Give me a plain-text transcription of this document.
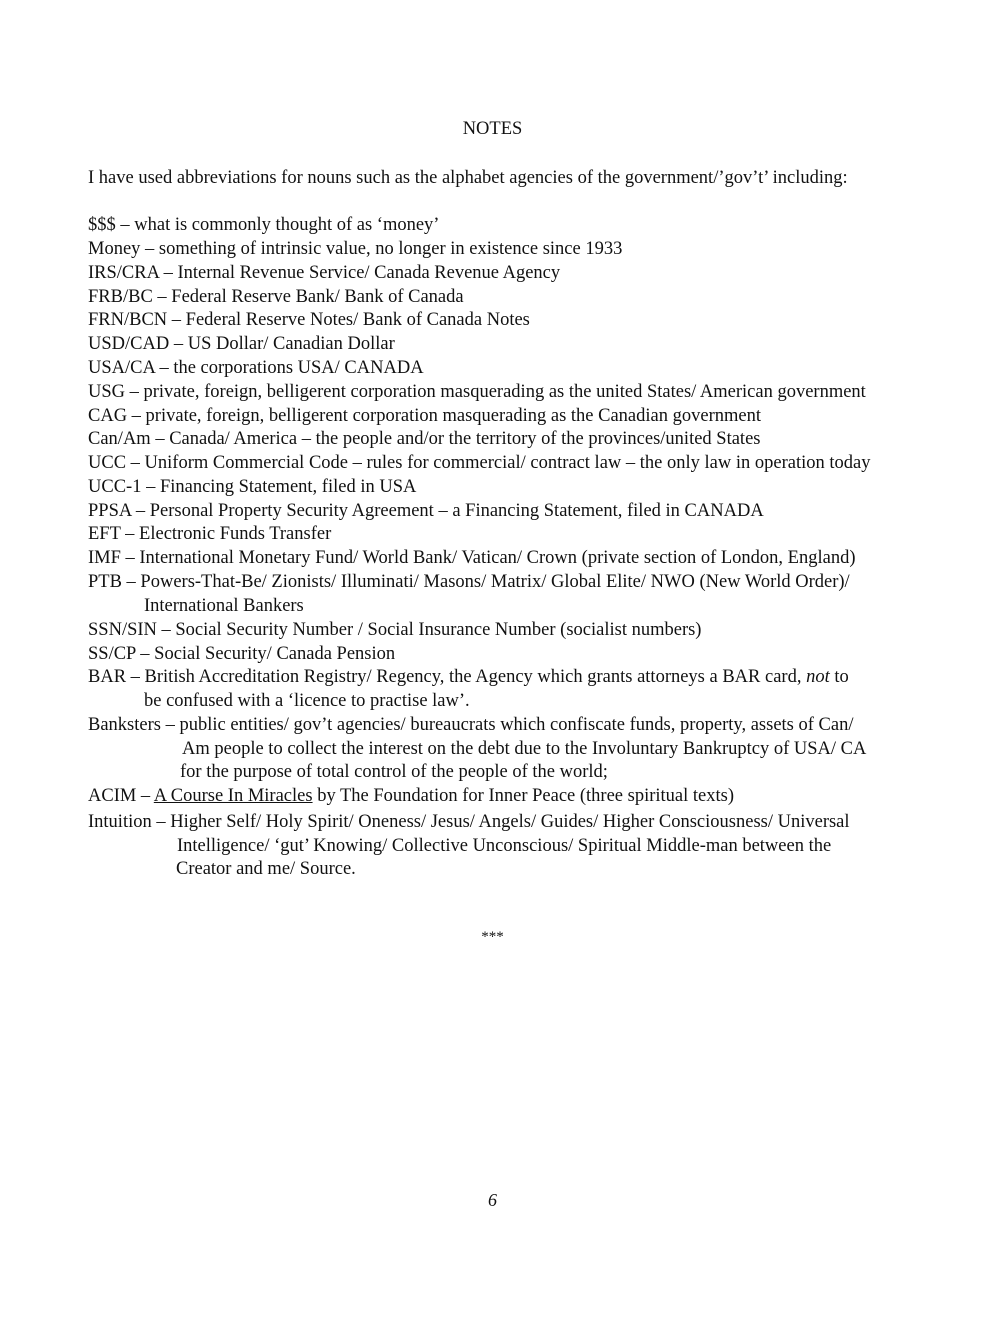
NOTES
I have used abbreviations for nouns such as the alphabet agencies of the government/’gov’t’ including:
$$$ – what is commonly thought of as ‘money’
Money – something of intrinsic value, no longer in existence since 1933
IRS/CRA – Internal Revenue Service/ Canada Revenue Agency
FRB/BC – Federal Reserve Bank/ Bank of Canada
FRN/BCN – Federal Reserve Notes/ Bank of Canada Notes
USD/CAD – US Dollar/ Canadian Dollar
USA/CA – the corporations USA/ CANADA
USG – private, foreign, belligerent corporation masquerading as the united States/ American government
CAG – private, foreign, belligerent corporation masquerading as the Canadian government
Can/Am – Canada/ America – the people and/or the territory of the provinces/united States
UCC – Uniform Commercial Code – rules for commercial/ contract law – the only law in operation today
UCC-1 – Financing Statement, filed in USA
PPSA – Personal Property Security Agreement – a Financing Statement, filed in CANADA
EFT – Electronic Funds Transfer
IMF – International Monetary Fund/ World Bank/ Vatican/ Crown (private section of London, England)
PTB – Powers-That-Be/ Zionists/ Illuminati/ Masons/ Matrix/ Global Elite/ NWO (New World Order)/
International Bankers
SSN/SIN – Social Security Number / Social Insurance Number (socialist numbers)
SS/CP – Social Security/ Canada Pension
BAR – British Accreditation Registry/ Regency, the Agency which grants attorneys a BAR card, not to
be confused with a ‘licence to practise law’.
Banksters – public entities/ gov’t agencies/ bureaucrats which confiscate funds, property, assets of Can/
Am people to collect the interest on the debt due to the Involuntary Bankruptcy of USA/ CA
for the purpose of total control of the people of the world;
ACIM – A Course In Miracles by The Foundation for Inner Peace (three spiritual texts)
Intuition – Higher Self/ Holy Spirit/ Oneness/ Jesus/ Angels/ Guides/ Higher Consciousness/ Universal
Intelligence/ ‘gut’ Knowing/ Collective Unconscious/ Spiritual Middle-man between the
Creator and me/ Source.
***
6
